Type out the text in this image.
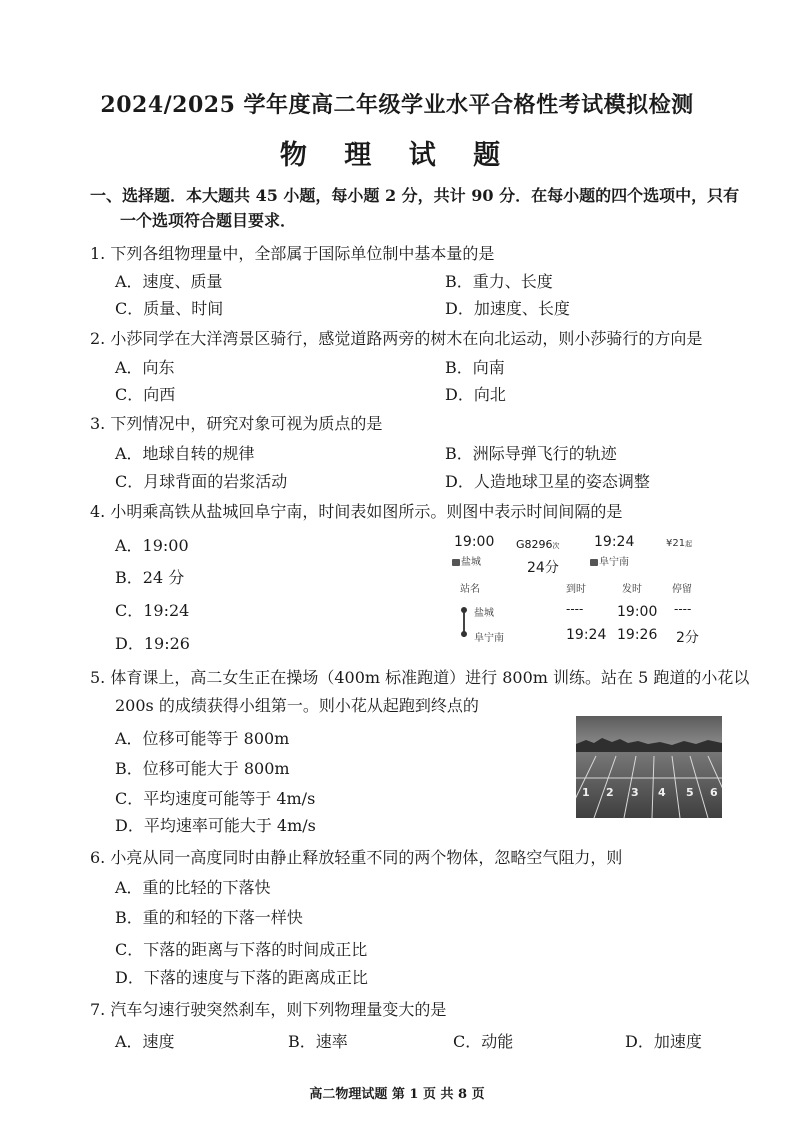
2024/2025 学年度高二年级学业水平合格性考试模拟检测
物 理 试 题
一、选择题．本大题共 45 小题，每小题 2 分，共计 90 分．在每小题的四个选项中，只有
一个选项符合题目要求．
1. 下列各组物理量中，全部属于国际单位制中基本量的是
A．速度、质量	B．重力、长度
C．质量、时间	D．加速度、长度
2. 小莎同学在大洋湾景区骑行，感觉道路两旁的树木在向北运动，则小莎骑行的方向是
A．向东	B．向南
C．向西	D．向北
3. 下列情况中，研究对象可视为质点的是
A．地球自转的规律	B．洲际导弹飞行的轨迹
C．月球背面的岩浆活动	D．人造地球卫星的姿态调整
4. 小明乘高铁从盐城回阜宁南，时间表如图所示。则图中表示时间间隔的是
A．19:00
B．24 分
C．19:24
D．19:26
19:00 G8296次 19:24	¥21起
盐城	24分	阜宁南
站名	到时	发时	停留
盐城	---- 19:00 ----
阜宁南	19:24 19:26 2分
5. 体育课上，高二女生正在操场（400m 标准跑道）进行 800m 训练。站在 5 跑道的小花以
200s 的成绩获得小组第一。则小花从起跑到终点的
A．位移可能等于 800m
B．位移可能大于 800m
C．平均速度可能等于 4m/s
D．平均速率可能大于 4m/s
1 2 3 4 5 6
6. 小亮从同一高度同时由静止释放轻重不同的两个物体，忽略空气阻力，则
A．重的比轻的下落快
B．重的和轻的下落一样快
C．下落的距离与下落的时间成正比
D．下落的速度与下落的距离成正比
7. 汽车匀速行驶突然刹车，则下列物理量变大的是
A．速度	B．速率	C．动能	D．加速度
高二物理试题 第 1 页 共 8 页
